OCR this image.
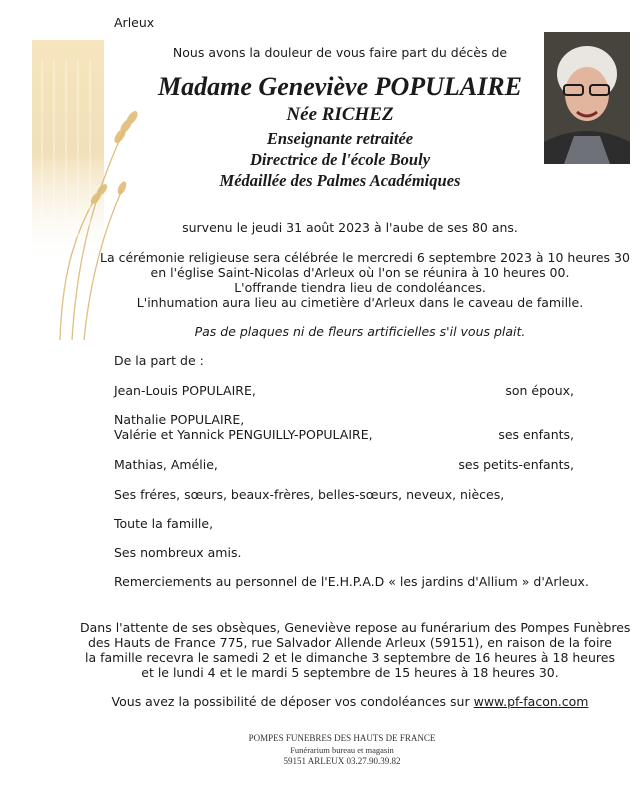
Arleux
Nous avons la douleur de vous faire part du décès de
Madame Geneviève POPULAIRE
Née RICHEZ
Enseignante retraitée
Directrice de l'école Bouly
Médaillée des Palmes Académiques
survenu le jeudi 31 août 2023 à l'aube de ses 80 ans.
La cérémonie religieuse sera célébrée le mercredi 6 septembre 2023 à 10 heures 30
en l'église Saint-Nicolas d'Arleux où l'on se réunira à 10 heures 00.
L'offrande tiendra lieu de condoléances.
L'inhumation aura lieu au cimetière d'Arleux dans le caveau de famille.
Pas de plaques ni de fleurs artificielles s'il vous plait.
De la part de :
Jean-Louis POPULAIRE,	son époux,
Nathalie POPULAIRE,
Valérie et Yannick PENGUILLY-POPULAIRE,	ses enfants,
Mathias, Amélie,	ses petits-enfants,
Ses fréres, sœurs, beaux-frères, belles-sœurs, neveux, nièces,
Toute la famille,
Ses nombreux amis.
Remerciements au personnel de l'E.H.P.A.D « les jardins d'Allium » d'Arleux.
Dans l'attente de ses obsèques, Geneviève repose au funérarium des Pompes Funèbres
des Hauts de France 775, rue Salvador Allende Arleux (59151), en raison de la foire
la famille recevra le samedi 2 et le dimanche 3 septembre de 16 heures à 18 heures
et le lundi 4 et le mardi 5 septembre de 15 heures à 18 heures 30.
Vous avez la possibilité de déposer vos condoléances sur www.pf-facon.com
POMPES FUNEBRES DES HAUTS DE FRANCE
Funérarium bureau et magasin
59151 ARLEUX 03.27.90.39.82
